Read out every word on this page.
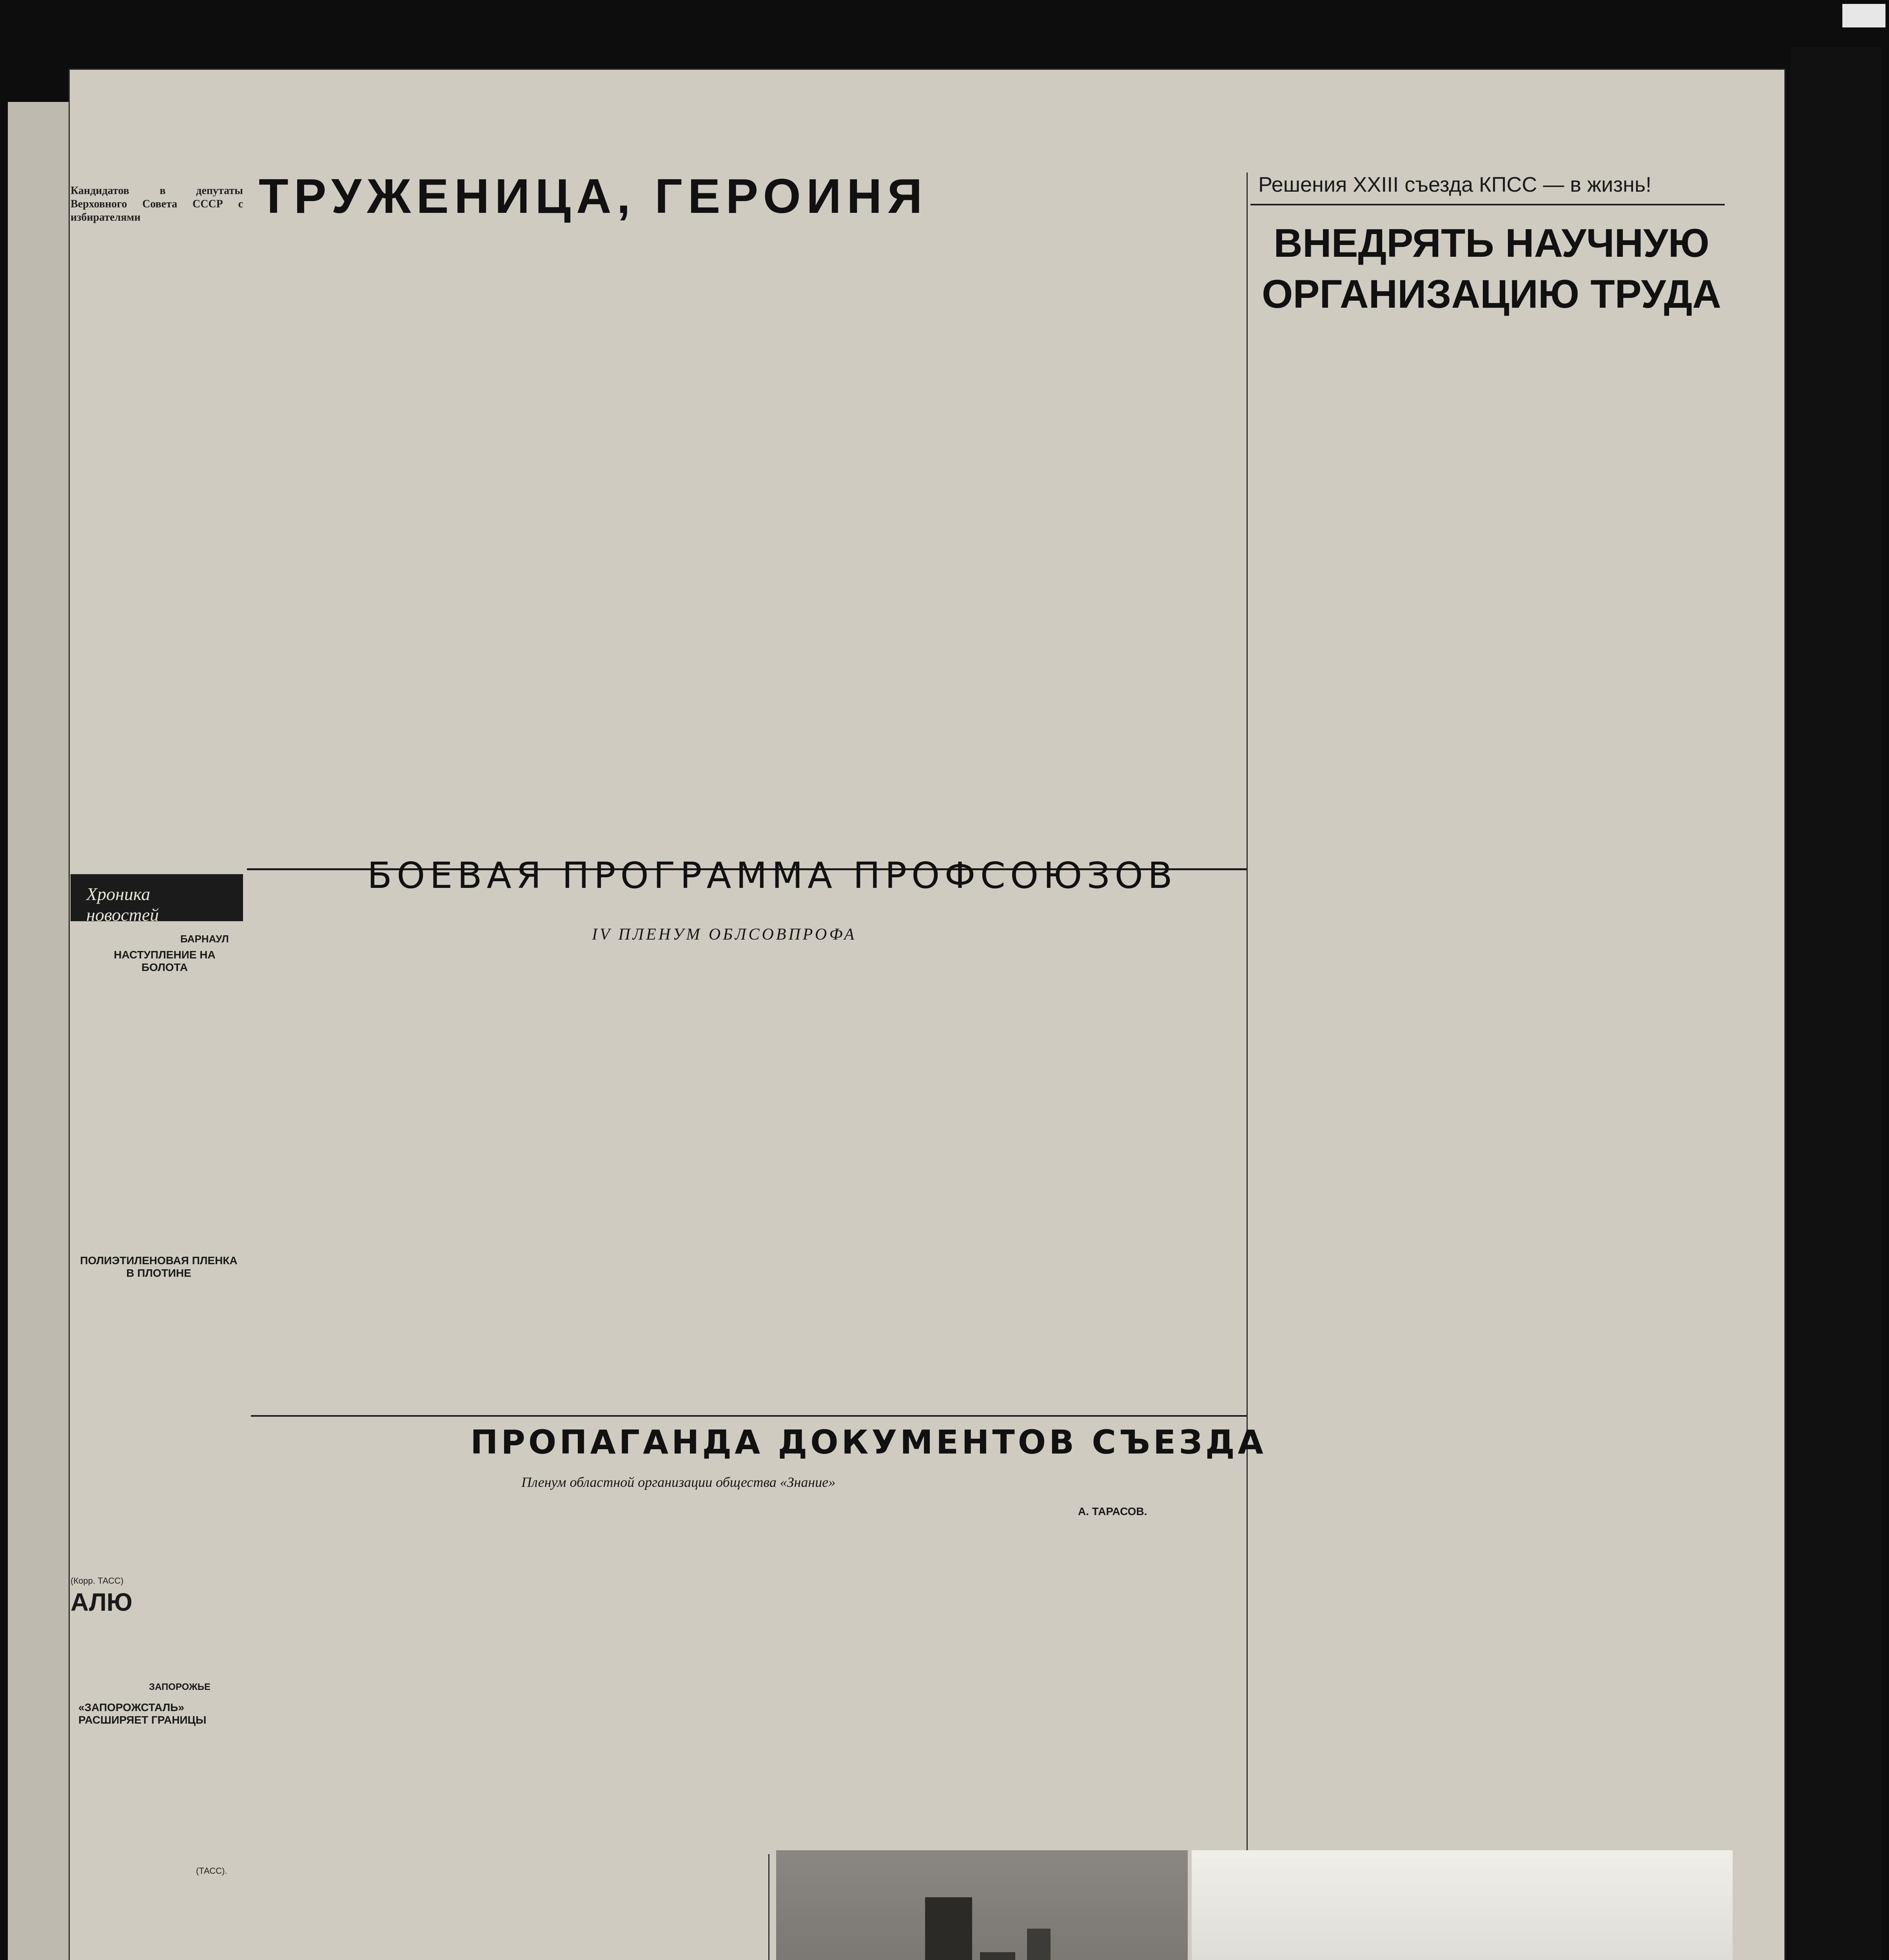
Кандидатов в депутаты Верховного Совета СССР с избирателями
Хроника новостей
БАРНАУЛ
НАСТУПЛЕНИЕ НА БОЛОТА
ПОЛИЭТИЛЕНОВАЯ ПЛЕНКА В ПЛОТИНЕ
(Корр. ТАСС)
АЛЮ
ЗАПОРОЖЬЕ
«ЗАПОРОЖСТАЛЬ» РАСШИРЯЕТ ГРАНИЦЫ
(ТАСС).
ТРУЖЕНИЦА, ГЕРОИНЯ	Решения XXIII съезда КПСС — в жизнь!
ВНЕДРЯТЬ НАУЧНУЮ
ОРГАНИЗАЦИЮ ТРУДА
БОЕВАЯ ПРОГРАММА ПРОФСОЮЗОВ
IV ПЛЕНУМ ОБЛСОВПРОФА
ПРОПАГАНДА ДОКУМЕНТОВ СЪЕЗДА
Пленум областной организации общества «Знание»
А. ТАРАСОВ.
